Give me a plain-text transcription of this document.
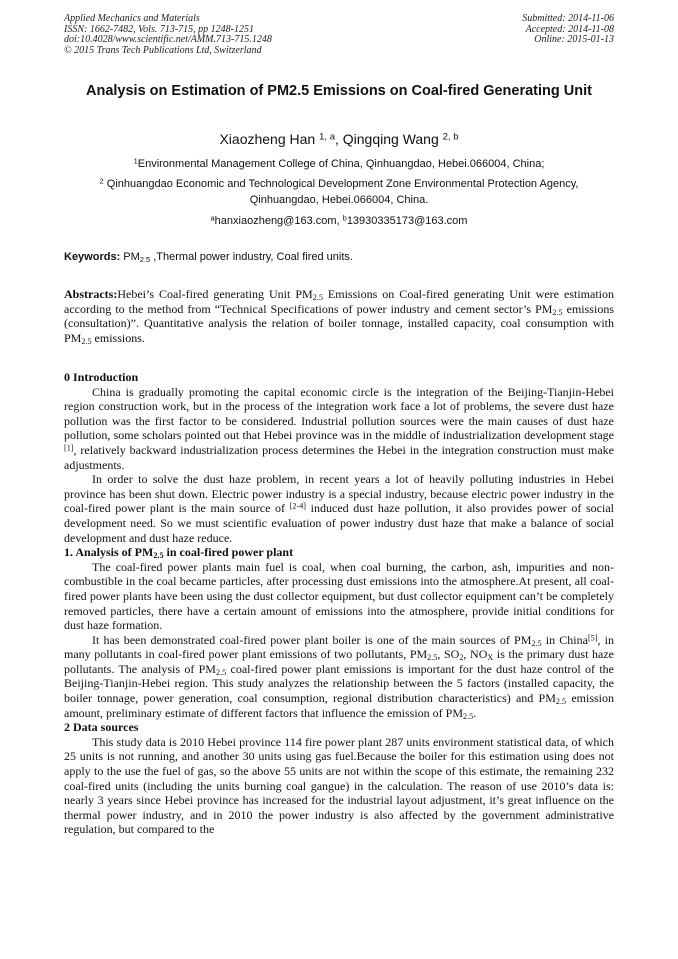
Applied Mechanics and Materials
ISSN: 1662-7482, Vols. 713-715, pp 1248-1251
doi:10.4028/www.scientific.net/AMM.713-715.1248
© 2015 Trans Tech Publications Ltd, Switzerland
Submitted: 2014-11-06
Accepted: 2014-11-08
Online: 2015-01-13
Analysis on Estimation of PM2.5 Emissions on Coal-fired Generating Unit
Xiaozheng Han $^{1, a}$, Qingqing Wang $^{2, b}$
$^1$Environmental Management College of China, Qinhuangdao, Hebei.066004, China;
$^2$ Qinhuangdao Economic and Technological Development Zone Environmental Protection Agency, Qinhuangdao, Hebei.066004, China.
$^a$hanxiaozheng@163.com, $^b$13930335173@163.com
Keywords: $PM_{2.5}$ ,Thermal power industry, Coal fired units.
Abstracts:Hebei’s Coal-fired generating Unit $PM_{2.5}$ Emissions on Coal-fired generating Unit were estimation according to the method from “Technical Specifications of power industry and cement sector’s $PM_{2.5}$ emissions (consultation)”. Quantitative analysis the relation of boiler tonnage, installed capacity, coal consumption with $PM_{2.5}$ emissions.
0 Introduction

China is gradually promoting the capital economic circle is the integration of the Beijing-Tianjin-Hebei region construction work, but in the process of the integration work face a lot of problems, the severe dust haze pollution was the first factor to be considered. Industrial pollution sources were the main causes of dust haze pollution, some scholars pointed out that Hebei province was in the middle of industrialization development stage [1], relatively backward industrialization process determines the Hebei in the integration construction must make adjustments.

In order to solve the dust haze problem, in recent years a lot of heavily polluting industries in Hebei province has been shut down. Electric power industry is a special industry, because electric power industry in the coal-fired power plant is the main source of [2-4] induced dust haze pollution, it also provides power of social development need. So we must scientific evaluation of power industry dust haze that make a balance of social development and dust haze reduce.

1. Analysis of $PM_{2.5}$ in coal-fired power plant

The coal-fired power plants main fuel is coal, when coal burning, the carbon, ash, impurities and non-combustible in the coal became particles, after processing dust emissions into the atmosphere.At present, all coal-fired power plants have been using the dust collector equipment, but dust collector equipment can’t be completely removed particles, there have a certain amount of emissions into the atmosphere, provide initial conditions for dust haze formation.

It has been demonstrated coal-fired power plant boiler is one of the main sources of $PM_{2.5}$ in China[5], in many pollutants in coal-fired power plant emissions of two pollutants, $PM_{2.5}$, $SO_2$, $NO_X$ is the primary dust haze pollutants. The analysis of $PM_{2.5}$ coal-fired power plant emissions is important for the dust haze control of the Beijing-Tianjin-Hebei region. This study analyzes the relationship between the 5 factors (installed capacity, the boiler tonnage, power generation, coal consumption, regional distribution characteristics) and $PM_{2.5}$ emission amount, preliminary estimate of different factors that influence the emission of $PM_{2.5}$.

2 Data sources

This study data is 2010 Hebei province 114 fire power plant 287 units environment statistical data, of which 25 units is not running, and another 30 units using gas fuel.Because the boiler for this estimation using does not apply to the use the fuel of gas, so the above 55 units are not within the scope of this estimate, the remaining 232 coal-fired units (including the units burning coal gangue) in the calculation. The reason of use 2010’s data is: nearly 3 years since Hebei province has increased for the industrial layout adjustment, it’s great influence on the thermal power industry, and in 2010 the power industry is also affected by the government administrative regulation, but compared to the
